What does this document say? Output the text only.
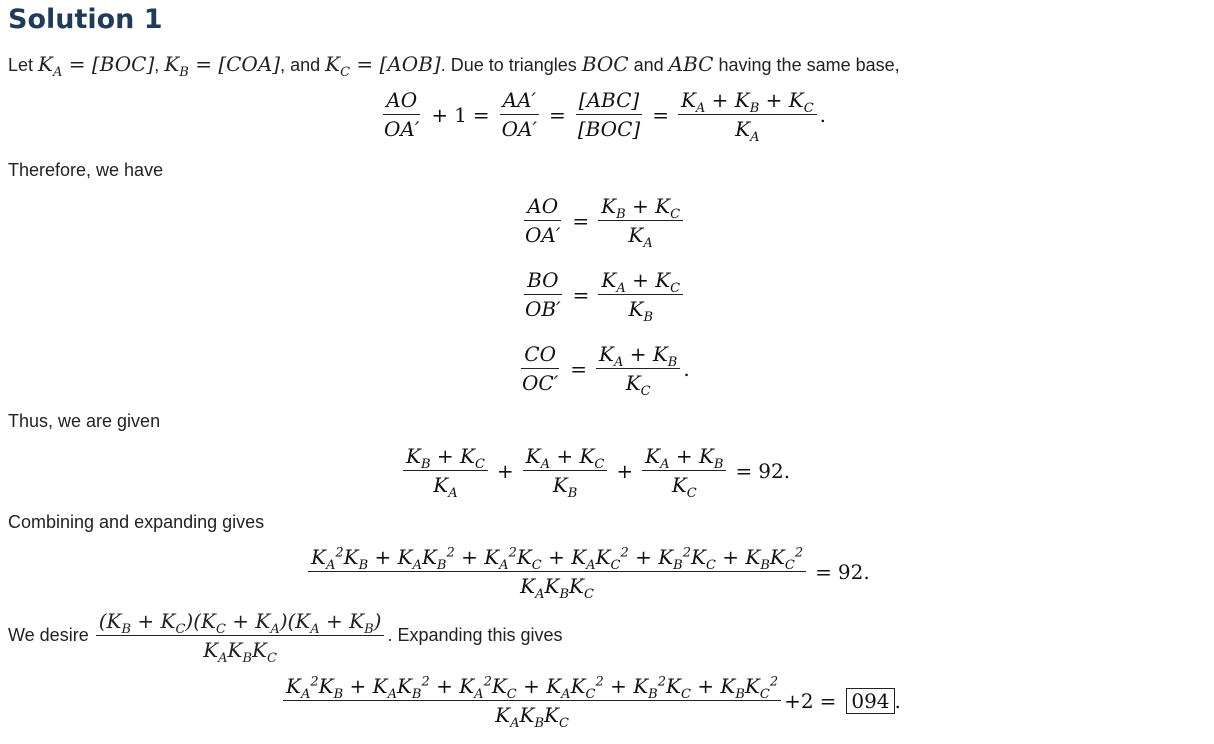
Solution 1
Let $K_A = [BOC]$, $K_B = [COA]$, and $K_C = [AOB]$. Due to triangles BOC and ABC having the same base,
$\frac{AO}{OA'} + 1 = \frac{AA'}{OA'} = \frac{\text{[ABC]}}{\text{[BOC]}} = \frac{K_A + K_B + K_C}{K_A}$ .
Therefore, we have
$\frac{AO}{OA'} = \frac{K_B + K_C}{K_A}$
$\frac{BO}{OB'} = \frac{K_A + K_C}{K_B}$
$\frac{CO}{OC'} = \frac{K_A + K_B}{K_C}$ .
Thus, we are given
$\frac{K_B + K_C}{K_A} + \frac{K_A + K_C}{K_B} + \frac{K_A + K_B}{K_C} = 92$ .
Combining and expanding gives
$\frac{K_A^2K_B + K_AK_B^2 + K_A^2K_C + K_AK_C^2 + K_B^2K_C + K_BK_C^2}{K_AK_BK_C} = 92$ .
We desire $\frac{(K_B + K_C)(K_C + K_A)(K_A + K_B)}{K_AK_BK_C}$ . Expanding this gives
$\frac{K_A^2K_B + K_AK_B^2 + K_A^2K_C + K_AK_C^2 + K_B^2K_C + K_BK_C^2}{K_AK_BK_C} + 2 = 094$ .
